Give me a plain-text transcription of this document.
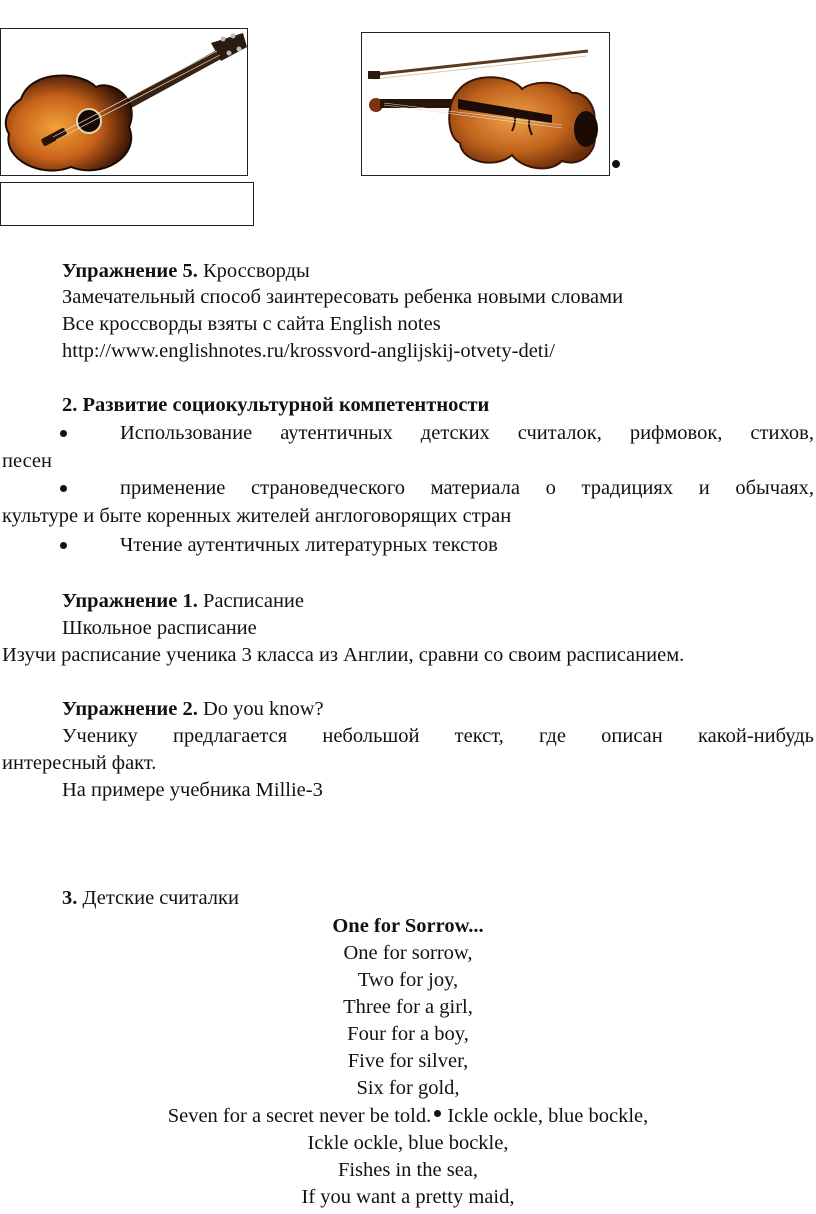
Упражнение 5. Кроссворды
Замечательный способ заинтересовать ребенка новыми словами
Все кроссворды взяты с сайта English notes
http://www.englishnotes.ru/krossvord-anglijskij-otvety-deti/
2. Развитие социокультурной компетентности
Использование аутентичных детских считалок, рифмовок, стихов,
песен
применение страноведческого материала о традициях и обычаях,
культуре и быте коренных жителей англоговорящих стран
Чтение аутентичных литературных текстов
Упражнение 1. Расписание
Школьное расписание
Изучи расписание ученика 3 класса из Англии, сравни со своим расписанием.
Упражнение 2. Do you know?
Ученику предлагается небольшой текст, где описан какой-нибудь
интересный факт.
На примере учебника Millie-3
3. Детские считалки
One for Sorrow...
One for sorrow,
Two for joy,
Three for a girl,
Four for a boy,
Five for silver,
Six for gold,
Seven for a secret never be told. Ickle ockle, blue bockle,
Ickle ockle, blue bockle,
Fishes in the sea,
If you want a pretty maid,
